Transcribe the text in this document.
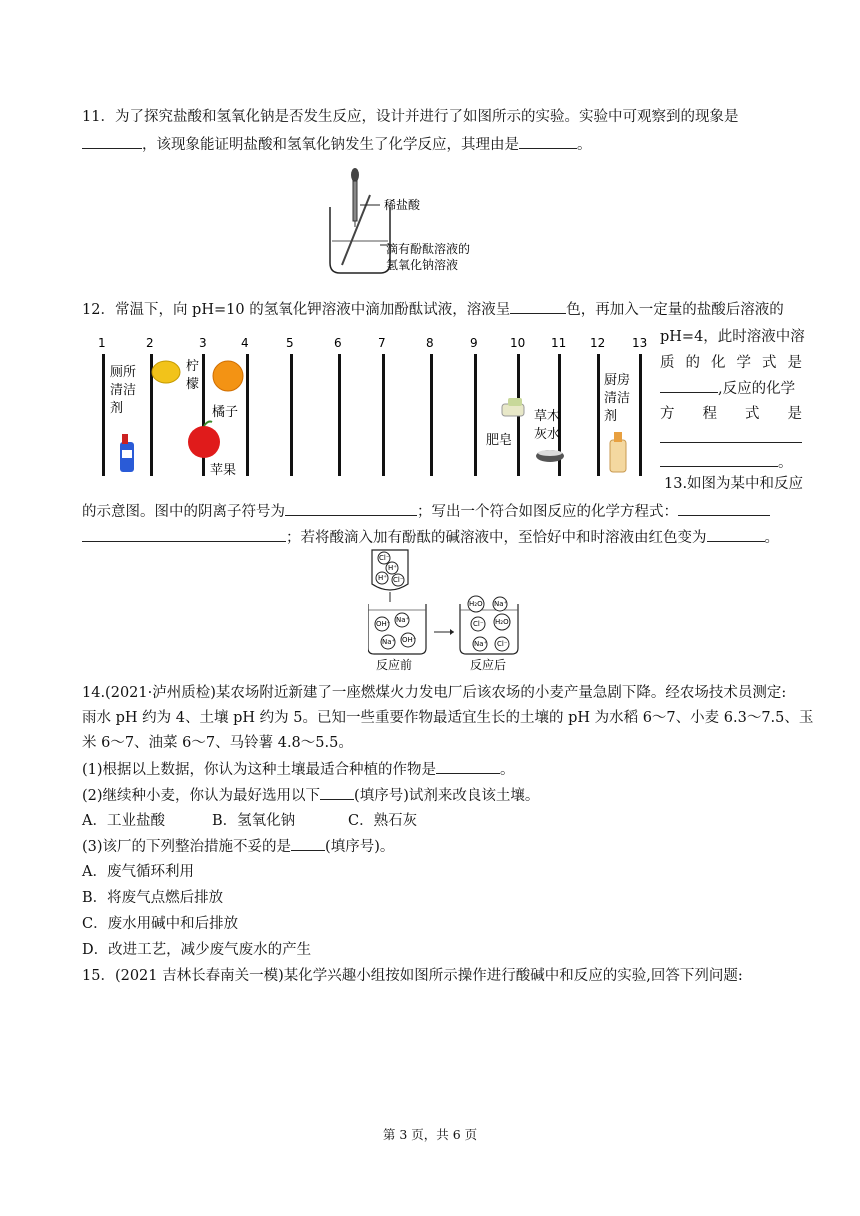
11．为了探究盐酸和氢氧化钠是否发生反应，设计并进行了如图所示的实验。实验中可观察到的现象是
，该现象能证明盐酸和氢氧化钠发生了化学反应，其理由是	。
稀盐酸
滴有酚酞溶液的
氢氧化钠溶液
12．常温下，向 pH=10 的氢氧化钾溶液中滴加酚酞试液，溶液呈	色，再加入一定量的盐酸后溶液的
pH=4，此时溶液中溶
质 的 化 学 式 是
,反应的化学
方 程 式 是
。
1	2	3	4	5	6	7	8	9	10 11 12 13
厕所
清洁
剂
柠
檬
橘子
苹果
肥皂
草木
灰水
厨房
清洁
剂
13.如图为某中和反应
的示意图。图中的阴离子符号为	；写出一个符合如图反应的化学方程式：
；若将酸滴入加有酚酞的碱溶液中，至恰好中和时溶液由红色变为	。
Cl⁻
H⁺
H⁺ Cl⁻
OH⁻ Na⁺
Na⁺ OH⁻
H₂O Na⁺
Cl⁻ H₂O
Na⁺ Cl⁻
反应前	反应后
14.(2021·泸州质检)某农场附近新建了一座燃煤火力发电厂后该农场的小麦产量急剧下降。经农场技术员测定:
雨水 pH 约为 4、土壤 pH 约为 5。已知一些重要作物最适宜生长的土壤的 pH 为水稻 6～7、小麦 6.3～7.5、玉
米 6～7、油菜 6～7、马铃薯 4.8～5.5。
(1)根据以上数据，你认为这种土壤最适合种植的作物是	。
(2)继续种小麦，你认为最好选用以下 (填序号)试剂来改良该土壤。
A．工业盐酸	B．氢氧化钠	C．熟石灰
(3)该厂的下列整治措施不妥的是 (填序号)。
A．废气循环利用
B．将废气点燃后排放
C．废水用碱中和后排放
D．改进工艺，减少废气废水的产生
15．(2021 吉林长春南关一模)某化学兴趣小组按如图所示操作进行酸碱中和反应的实验,回答下列问题:
第 3 页，共 6 页
